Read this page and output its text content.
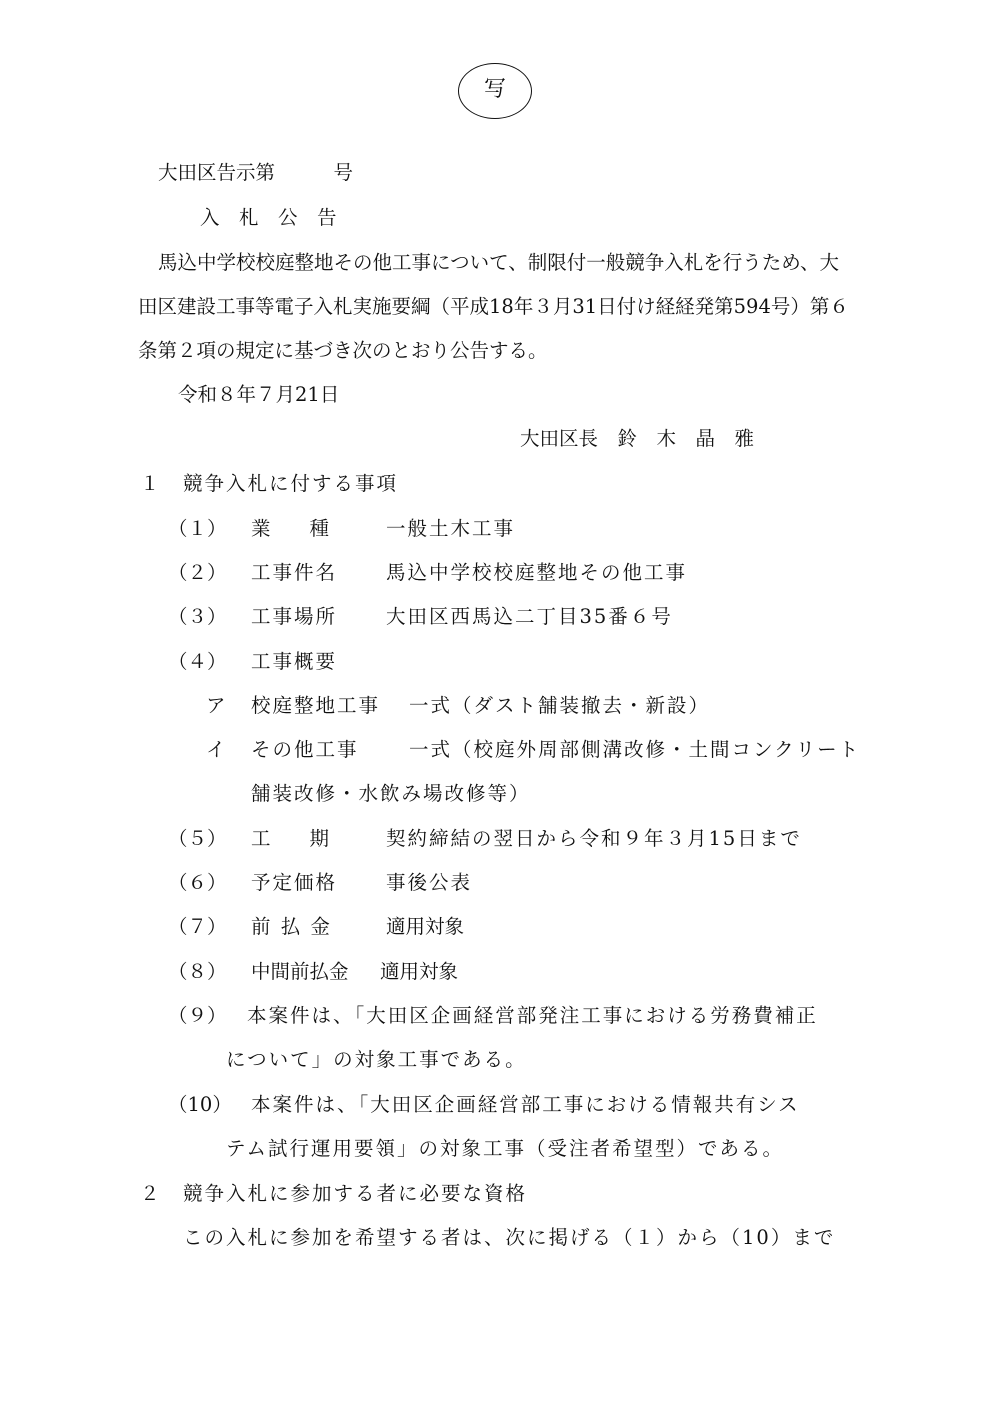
写
大田区告示第　　　号
入　札　公　告
馬込中学校校庭整地その他工事について、制限付一般競争入札を行うため、大
田区建設工事等電子入札実施要綱（平成18年３月31日付け経経発第594号）第６
条第２項の規定に基づき次のとおり公告する。
令和８年７月21日
大田区長　鈴　木　晶　雅
１ 競争入札に付する事項
（１） 業　　種	一般土木工事
（２） 工事件名	馬込中学校校庭整地その他工事
（３） 工事場所	大田区西馬込二丁目35番６号
（４） 工事概要
ア 校庭整地工事 一式（ダスト舗装撤去・新設）
イ その他工事	一式（校庭外周部側溝改修・土間コンクリート
舗装改修・水飲み場改修等）
（５） 工　　期	契約締結の翌日から令和９年３月15日まで
（６） 予定価格	事後公表
（７） 前 払 金	適用対象
（８） 中間前払金 適用対象
（９） 本案件は、「大田区企画経営部発注工事における労務費補正
について」の対象工事である。
（10） 本案件は、「大田区企画経営部工事における情報共有シス
テム試行運用要領」の対象工事（受注者希望型）である。
２ 競争入札に参加する者に必要な資格
この入札に参加を希望する者は、次に掲げる（１）から（10）まで
